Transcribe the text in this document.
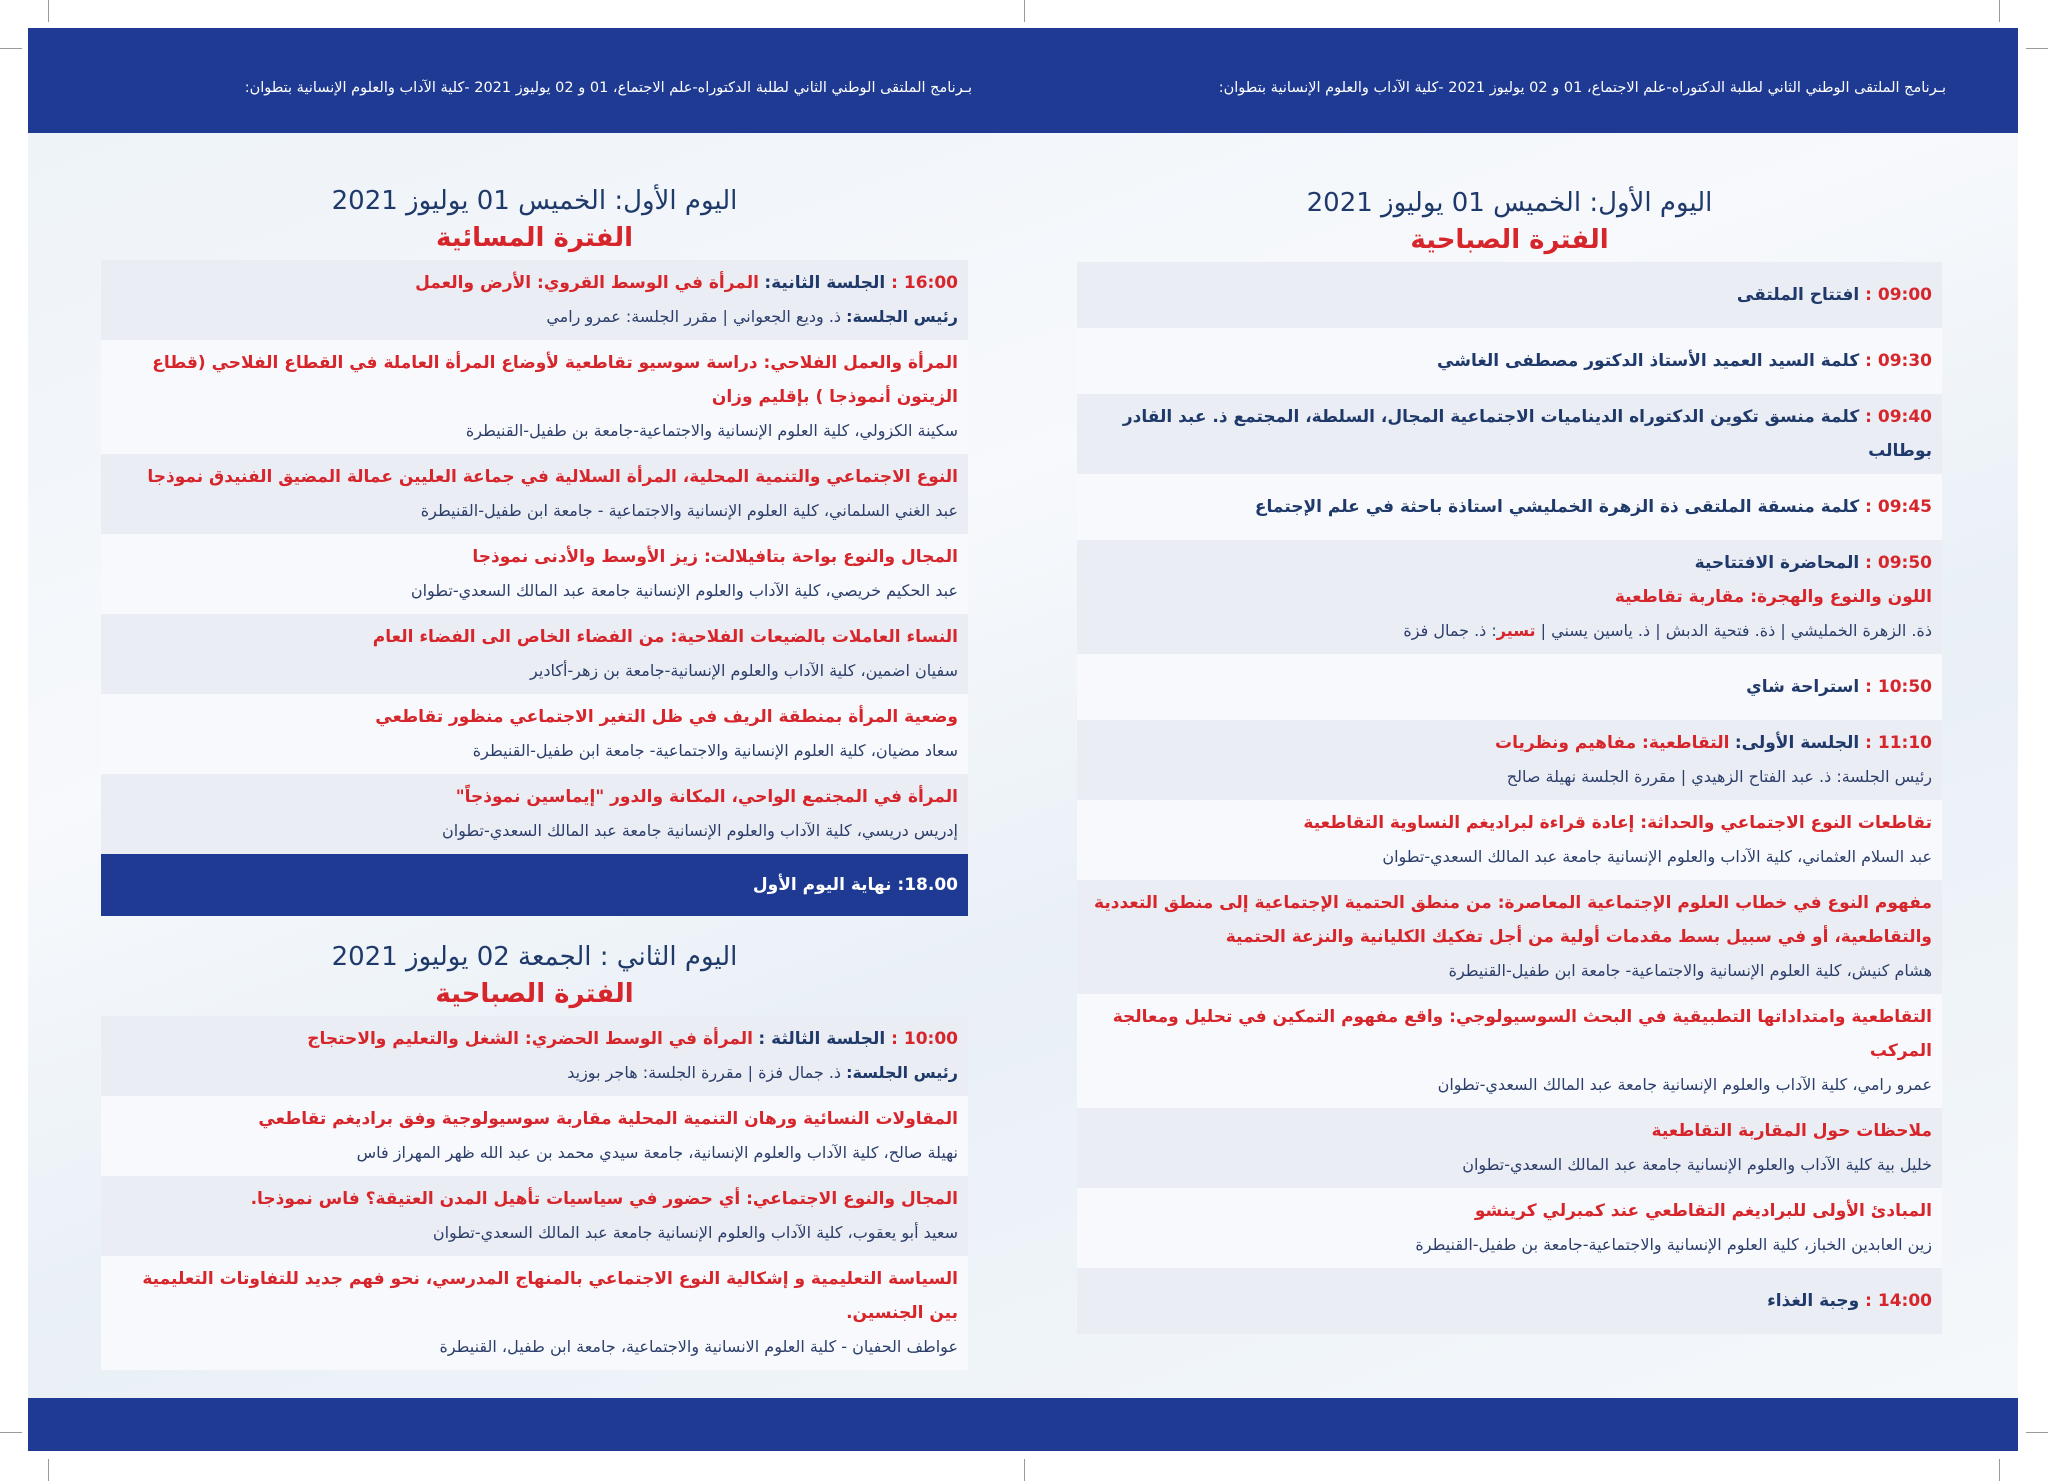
بـرنامج الملتقى الوطني الثاني لطلبة الدكتوراه-علم الاجتماع، 01 و 02 يوليوز 2021 -كلية الآداب والعلوم الإنسانية بتطوان:
بـرنامج الملتقى الوطني الثاني لطلبة الدكتوراه-علم الاجتماع، 01 و 02 يوليوز 2021 -كلية الآداب والعلوم الإنسانية بتطوان:
اليوم الأول: الخميس 01 يوليوز 2021
الفترة الصباحية
09:00 : افتتاح الملتقى
09:30 : كلمة السيد العميد الأستاذ الدكتور مصطفى الغاشي
09:40 : كلمة منسق تكوين الدكتوراه الديناميات الاجتماعية المجال، السلطة، المجتمع ذ. عبد القادر بوطالب
09:45 : كلمة منسقة الملتقى ذة الزهرة الخمليشي استاذة باحثة في علم الإجتماع
09:50 : المحاضرة الافتتاحية
اللون والنوع والهجرة: مقاربة تقاطعية
ذة. الزهرة الخمليشي | ذة. فتحية الدبش | ذ. ياسين يسني | تسير: ذ. جمال فزة
10:50 : استراحة شاي
11:10 : الجلسة الأولى: التقاطعية: مفاهيم ونظريات
رئيس الجلسة: ذ. عبد الفتاح الزهيدي | مقررة الجلسة نهيلة صالح
تقاطعات النوع الاجتماعي والحداثة: إعادة قراءة لبراديغم النساوية التقاطعية
عبد السلام العثماني، كلية الآداب والعلوم الإنسانية جامعة عبد المالك السعدي-تطوان
مفهوم النوع في خطاب العلوم الإجتماعية المعاصرة: من منطق الحتمية الإجتماعية إلى منطق التعددية والتقاطعية، أو في سبيل بسط مقدمات أولية من أجل تفكيك الكليانية والنزعة الحتمية
هشام كنيش، كلية العلوم الإنسانية والاجتماعية- جامعة ابن طفيل-القنيطرة
التقاطعية وامتداداتها التطبيقية في البحث السوسيولوجي: واقع مفهوم التمكين في تحليل ومعالجة المركب
عمرو رامي، كلية الآداب والعلوم الإنسانية جامعة عبد المالك السعدي-تطوان
ملاحظات حول المقاربة التقاطعية
خليل بية كلية الآداب والعلوم الإنسانية جامعة عبد المالك السعدي-تطوان
المبادئ الأولى للبراديغم التقاطعي عند كمبرلي كرينشو
زين العابدين الخباز، كلية العلوم الإنسانية والاجتماعية-جامعة بن طفيل-القنيطرة
14:00 : وجبة الغذاء
اليوم الأول: الخميس 01 يوليوز 2021
الفترة المسائية
16:00 : الجلسة الثانية: المرأة في الوسط القروي: الأرض والعمل
رئيس الجلسة: ذ. وديع الجعواني | مقرر الجلسة: عمرو رامي
المرأة والعمل الفلاحي: دراسة سوسيو تقاطعية لأوضاع المرأة العاملة في القطاع الفلاحي (قطاع الزيتون أنموذجا ) بإقليم وزان
سكينة الكزولي، كلية العلوم الإنسانية والاجتماعية-جامعة بن طفيل-القنيطرة
النوع الاجتماعي والتنمية المحلية، المرأة السلالية في جماعة العليين عمالة المضيق الفنيدق نموذجا
عبد الغني السلماني، كلية العلوم الإنسانية والاجتماعية - جامعة ابن طفيل-القنيطرة
المجال والنوع بواحة بتافيلالت: زيز الأوسط والأدنى نموذجا
عبد الحكيم خريصي، كلية الآداب والعلوم الإنسانية جامعة عبد المالك السعدي-تطوان
النساء العاملات بالضيعات الفلاحية: من الفضاء الخاص الى الفضاء العام
سفيان اضمين، كلية الآداب والعلوم الإنسانية-جامعة بن زهر-أكادير
وضعية المرأة بمنطقة الريف في ظل التغير الاجتماعي منظور تقاطعي
سعاد مضيان، كلية العلوم الإنسانية والاجتماعية- جامعة ابن طفيل-القنيطرة
المرأة في المجتمع الواحي، المكانة والدور "إيماسين نموذجاً"
إدريس دريسي، كلية الآداب والعلوم الإنسانية جامعة عبد المالك السعدي-تطوان
18.00: نهاية اليوم الأول
اليوم الثاني : الجمعة 02 يوليوز 2021
الفترة الصباحية
10:00 : الجلسة الثالثة : المرأة في الوسط الحضري: الشغل والتعليم والاحتجاج
رئيس الجلسة: ذ. جمال فزة | مقررة الجلسة: هاجر بوزيد
المقاولات النسائية ورهان التنمية المحلية مقاربة سوسيولوجية وفق براديغم تقاطعي
نهيلة صالح، كلية الآداب والعلوم الإنسانية، جامعة سيدي محمد بن عبد الله ظهر المهراز فاس
المجال والنوع الاجتماعي: أي حضور في سياسيات تأهيل المدن العتيقة؟ فاس نموذجا.
سعيد أبو يعقوب، كلية الآداب والعلوم الإنسانية جامعة عبد المالك السعدي-تطوان
السياسة التعليمية و إشكالية النوع الاجتماعي بالمنهاج المدرسي، نحو فهم جديد للتفاوتات التعليمية بين الجنسين.
عواطف الحفيان - كلية العلوم الانسانية والاجتماعية، جامعة ابن طفيل، القنيطرة
